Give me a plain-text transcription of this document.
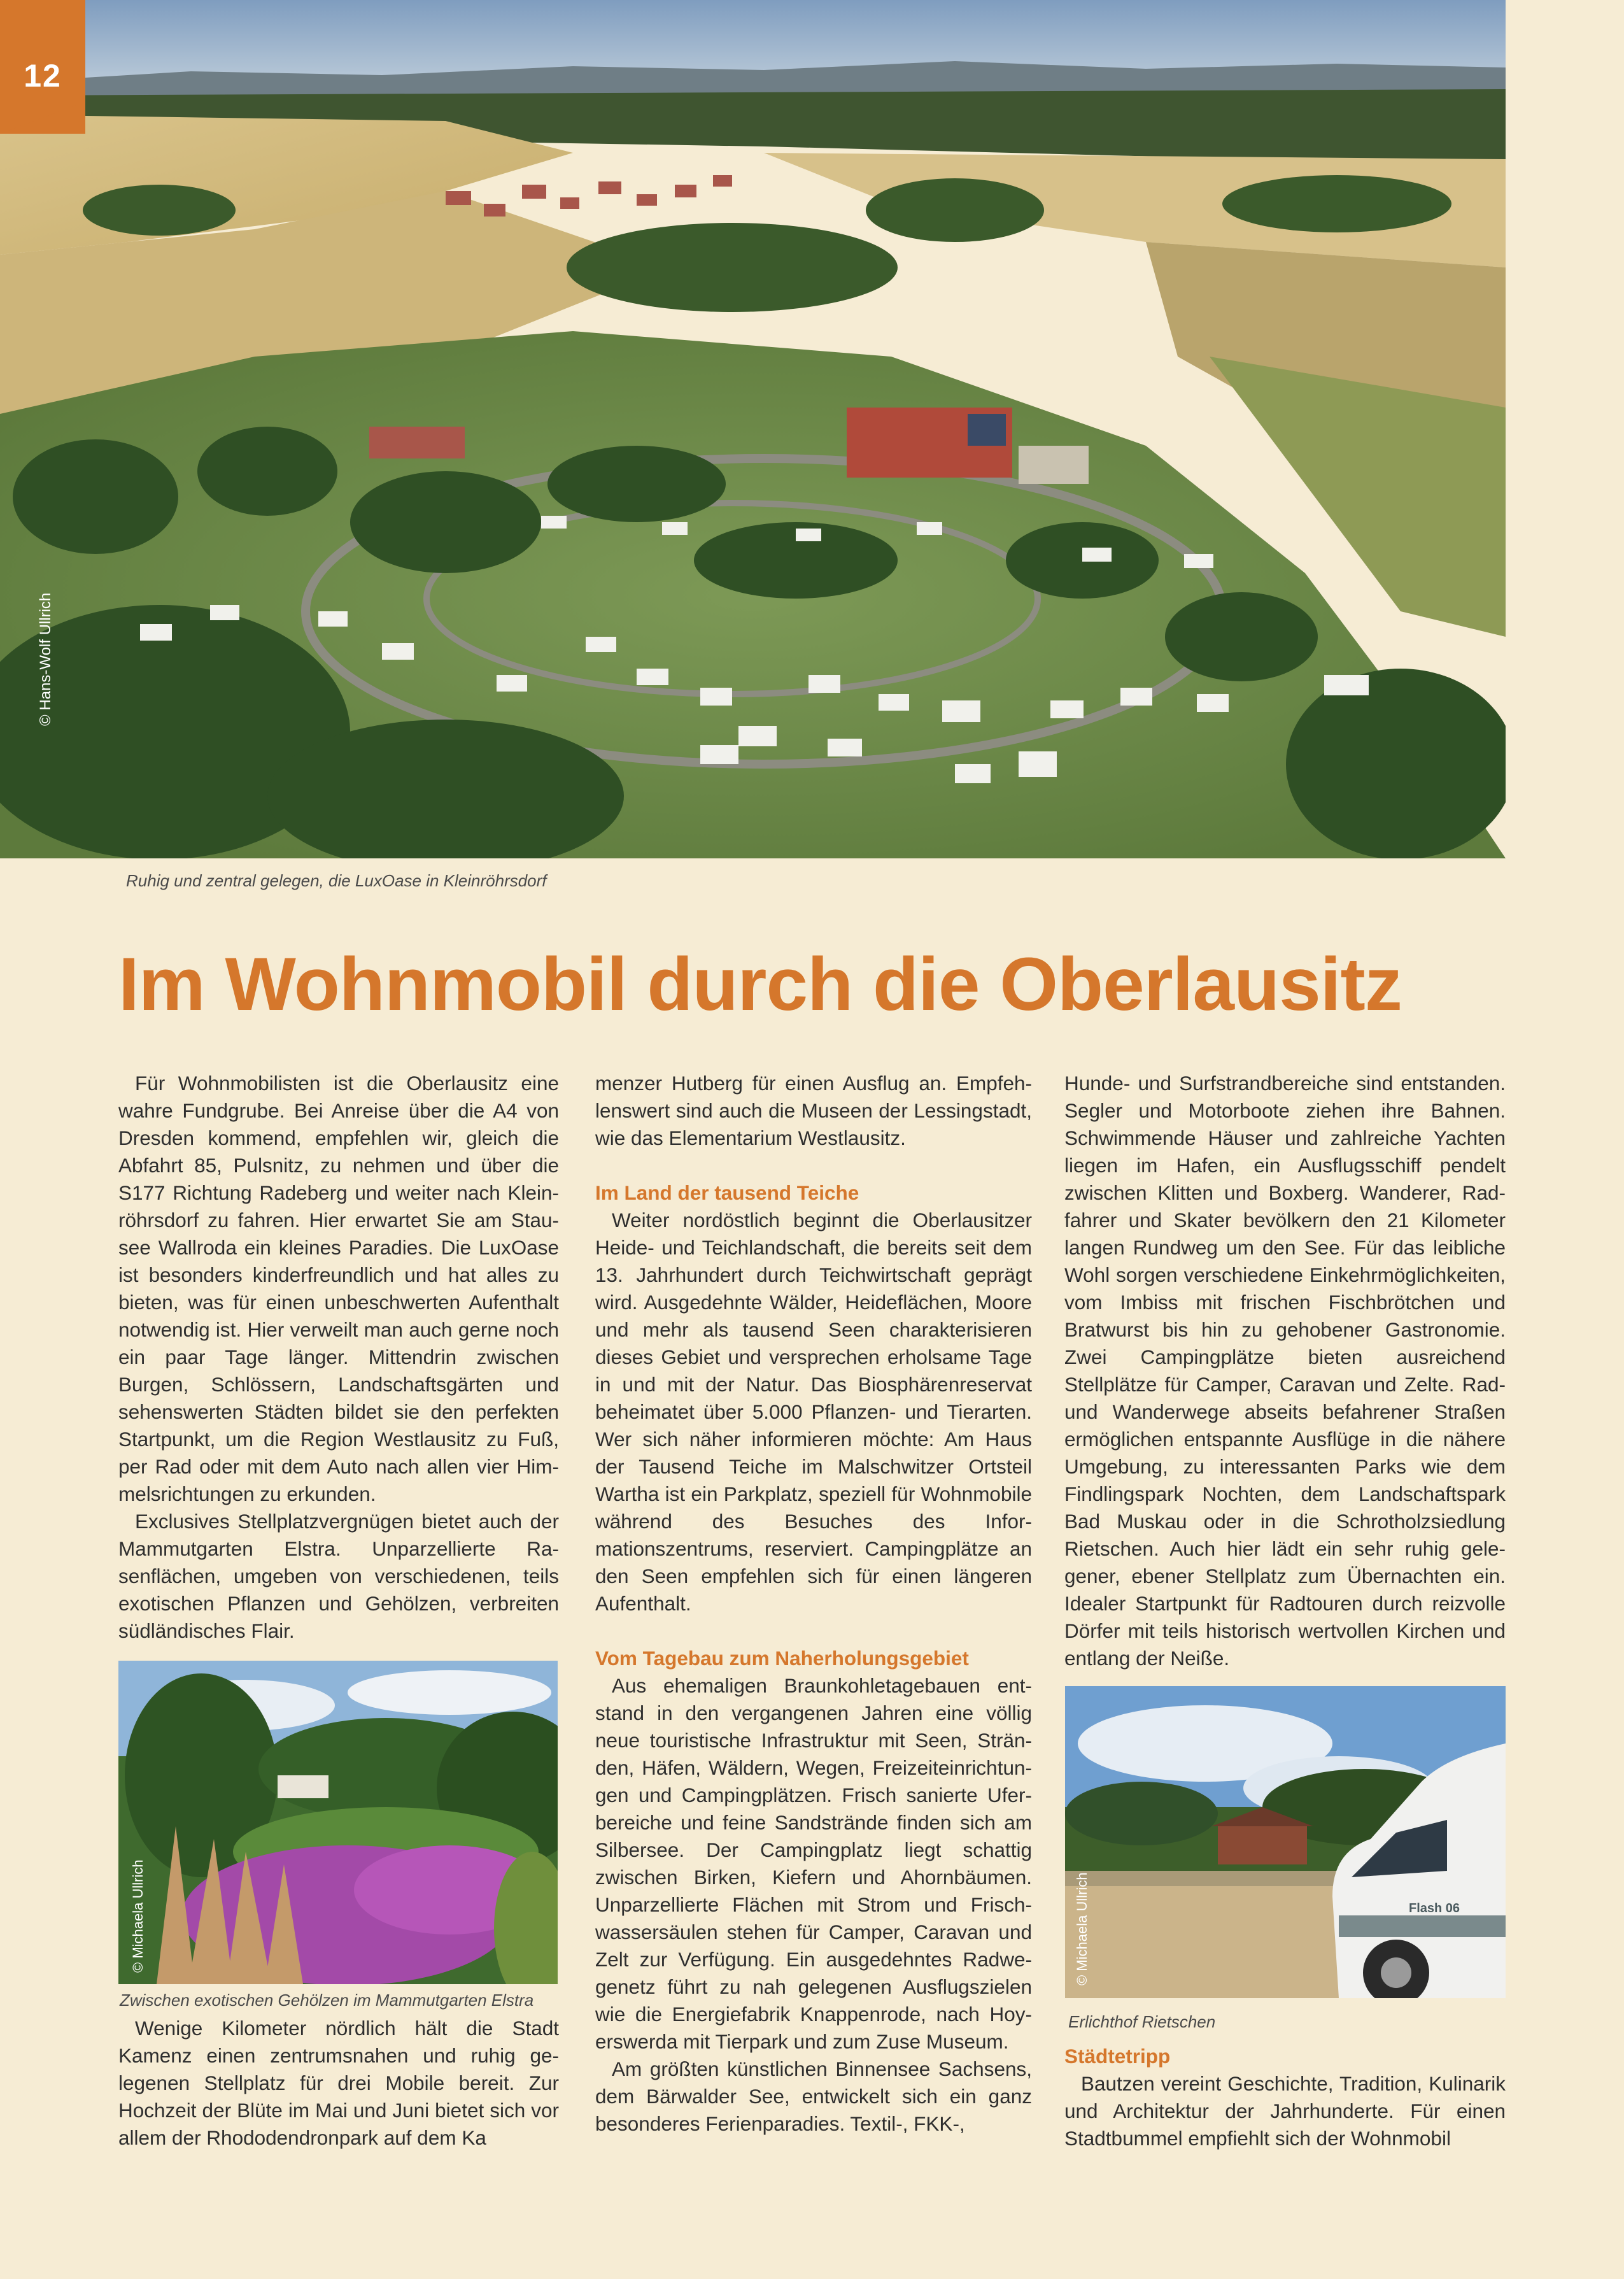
12
© Hans-Wolf Ullrich
Ruhig und zentral gelegen, die LuxOase in Kleinröhrsdorf
Im Wohnmobil durch die Oberlausitz

Für Wohnmobilisten ist die Oberlausitz eine wahre Fundgrube. Bei Anreise über die A4 von Dresden kommend, empfehlen wir, gleich die Abfahrt 85, Pulsnitz, zu nehmen und über die S177 Richtung Radeberg und weiter nach Kleinröhrsdorf zu fahren. Hier erwartet Sie am Stausee Wallroda ein kleines Paradies. Die LuxOase ist besonders kinderfreundlich und hat alles zu bieten, was für einen unbeschwerten Aufenthalt notwendig ist. Hier verweilt man auch gerne noch ein paar Tage länger. Mittendrin zwischen Burgen, Schlössern, Landschaftsgärten und sehenswerten Städten bildet sie den perfekten Startpunkt, um die Region Westlausitz zu Fuß, per Rad oder mit dem Auto nach allen vier Himmelsrichtungen zu erkunden.

Exclusives Stellplatzvergnügen bietet auch der Mammutgarten Elstra. Unparzellierte Rasenflächen, umgeben von verschiedenen, teils exotischen Pflanzen und Gehölzen, verbreiten südländisches Flair.

© Michaela Ullrich
Zwischen exotischen Gehölzen im Mammutgarten Elstra

Wenige Kilometer nördlich hält die Stadt Kamenz einen zentrumsnahen und ruhig gelegenen Stellplatz für drei Mobile bereit. Zur Hochzeit der Blüte im Mai und Juni bietet sich vor allem der Rhododendronpark auf dem Ka

menzer Hutberg für einen Ausflug an. Empfehlenswert sind auch die Museen der Lessingstadt, wie das Elementarium Westlausitz.

Im Land der tausend Teiche

Weiter nordöstlich beginnt die Oberlausitzer Heide- und Teichlandschaft, die bereits seit dem 13. Jahrhundert durch Teichwirtschaft geprägt wird. Ausgedehnte Wälder, Heideflächen, Moore und mehr als tausend Seen charakterisieren dieses Gebiet und versprechen erholsame Tage in und mit der Natur. Das Biosphärenreservat beheimatet über 5.000 Pflanzen- und Tierarten. Wer sich näher informieren möchte: Am Haus der Tausend Teiche im Malschwitzer Ortsteil Wartha ist ein Parkplatz, speziell für Wohnmobile während des Besuches des Informationszentrums, reserviert. Campingplätze an den Seen empfehlen sich für einen längeren Aufenthalt.

Vom Tagebau zum Naherholungsgebiet

Aus ehemaligen Braunkohletagebauen entstand in den vergangenen Jahren eine völlig neue touristische Infrastruktur mit Seen, Stränden, Häfen, Wäldern, Wegen, Freizeiteinrichtungen und Campingplätzen. Frisch sanierte Uferbereiche und feine Sandstrände finden sich am Silbersee. Der Campingplatz liegt schattig zwischen Birken, Kiefern und Ahornbäumen. Unparzellierte Flächen mit Strom und Frischwassersäulen stehen für Camper, Caravan und Zelt zur Verfügung. Ein ausgedehntes Radwegenetz führt zu nah gelegenen Ausflugszielen wie die Energiefabrik Knappenrode, nach Hoyerswerda mit Tierpark und zum Zuse Museum.

Am größten künstlichen Binnensee Sachsens, dem Bärwalder See, entwickelt sich ein ganz besonderes Ferienparadies. Textil-, FKK-,

Hunde- und Surfstrandbereiche sind entstanden. Segler und Motorboote ziehen ihre Bahnen. Schwimmende Häuser und zahlreiche Yachten liegen im Hafen, ein Ausflugsschiff pendelt zwischen Klitten und Boxberg. Wanderer, Radfahrer und Skater bevölkern den 21 Kilometer langen Rundweg um den See. Für das leibliche Wohl sorgen verschiedene Einkehrmöglichkeiten, vom Imbiss mit frischen Fischbrötchen und Bratwurst bis hin zu gehobener Gastronomie. Zwei Campingplätze bieten ausreichend Stellplätze für Camper, Caravan und Zelte. Rad- und Wanderwege abseits befahrener Straßen ermöglichen entspannte Ausflüge in die nähere Umgebung, zu interessanten Parks wie dem Findlingspark Nochten, dem Landschaftspark Bad Muskau oder in die Schrotholzsiedlung Rietschen. Auch hier lädt ein sehr ruhig gelegener, ebener Stellplatz zum Übernachten ein. Idealer Startpunkt für Radtouren durch reizvolle Dörfer mit teils historisch wertvollen Kirchen und entlang der Neiße.

Flash 06
© Michaela Ullrich
Erlichthof Rietschen
Städtetripp

Bautzen vereint Geschichte, Tradition, Kulinarik und Architektur der Jahrhunderte. Für einen Stadtbummel empfiehlt sich der Wohnmobil
